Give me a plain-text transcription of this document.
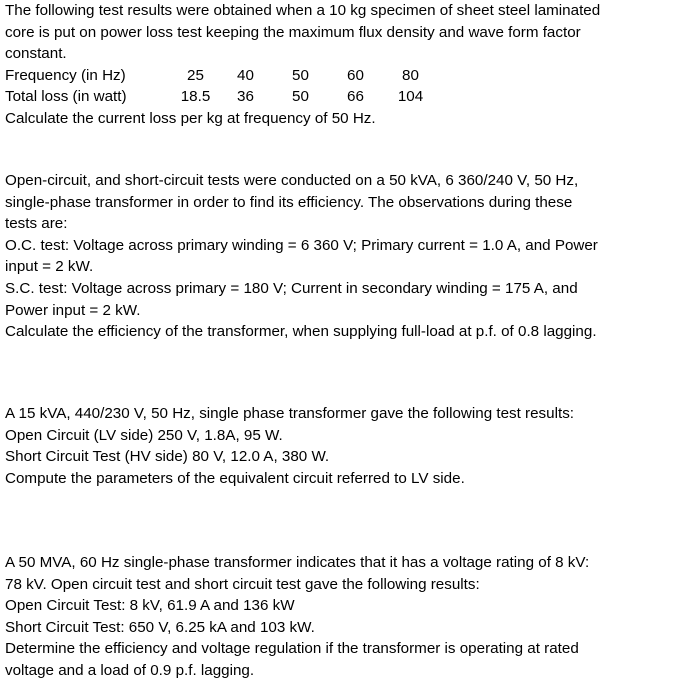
The following test results were obtained when a 10 kg specimen of sheet steel laminated
core is put on power loss test keeping the maximum flux density and wave form factor
constant.
Frequency (in Hz)	25	40	50	60	80
Total loss (in watt)	18.5	36	50	66	104
Calculate the current loss per kg at frequency of 50 Hz.
Open-circuit, and short-circuit tests were conducted on a 50 kVA, 6 360/240 V, 50 Hz,
single-phase transformer in order to find its efficiency. The observations during these
tests are:
O.C. test: Voltage across primary winding = 6 360 V; Primary current = 1.0 A, and Power
input = 2 kW.
S.C. test: Voltage across primary = 180 V; Current in secondary winding = 175 A, and
Power input = 2 kW.
Calculate the efficiency of the transformer, when supplying full-load at p.f. of 0.8 lagging.
A 15 kVA, 440/230 V, 50 Hz, single phase transformer gave the following test results:
Open Circuit (LV side) 250 V, 1.8A, 95 W.
Short Circuit Test (HV side) 80 V, 12.0 A, 380 W.
Compute the parameters of the equivalent circuit referred to LV side.
A 50 MVA, 60 Hz single-phase transformer indicates that it has a voltage rating of 8 kV:
78 kV. Open circuit test and short circuit test gave the following results:
Open Circuit Test: 8 kV, 61.9 A and 136 kW
Short Circuit Test: 650 V, 6.25 kA and 103 kW.
Determine the efficiency and voltage regulation if the transformer is operating at rated
voltage and a load of 0.9 p.f. lagging.
